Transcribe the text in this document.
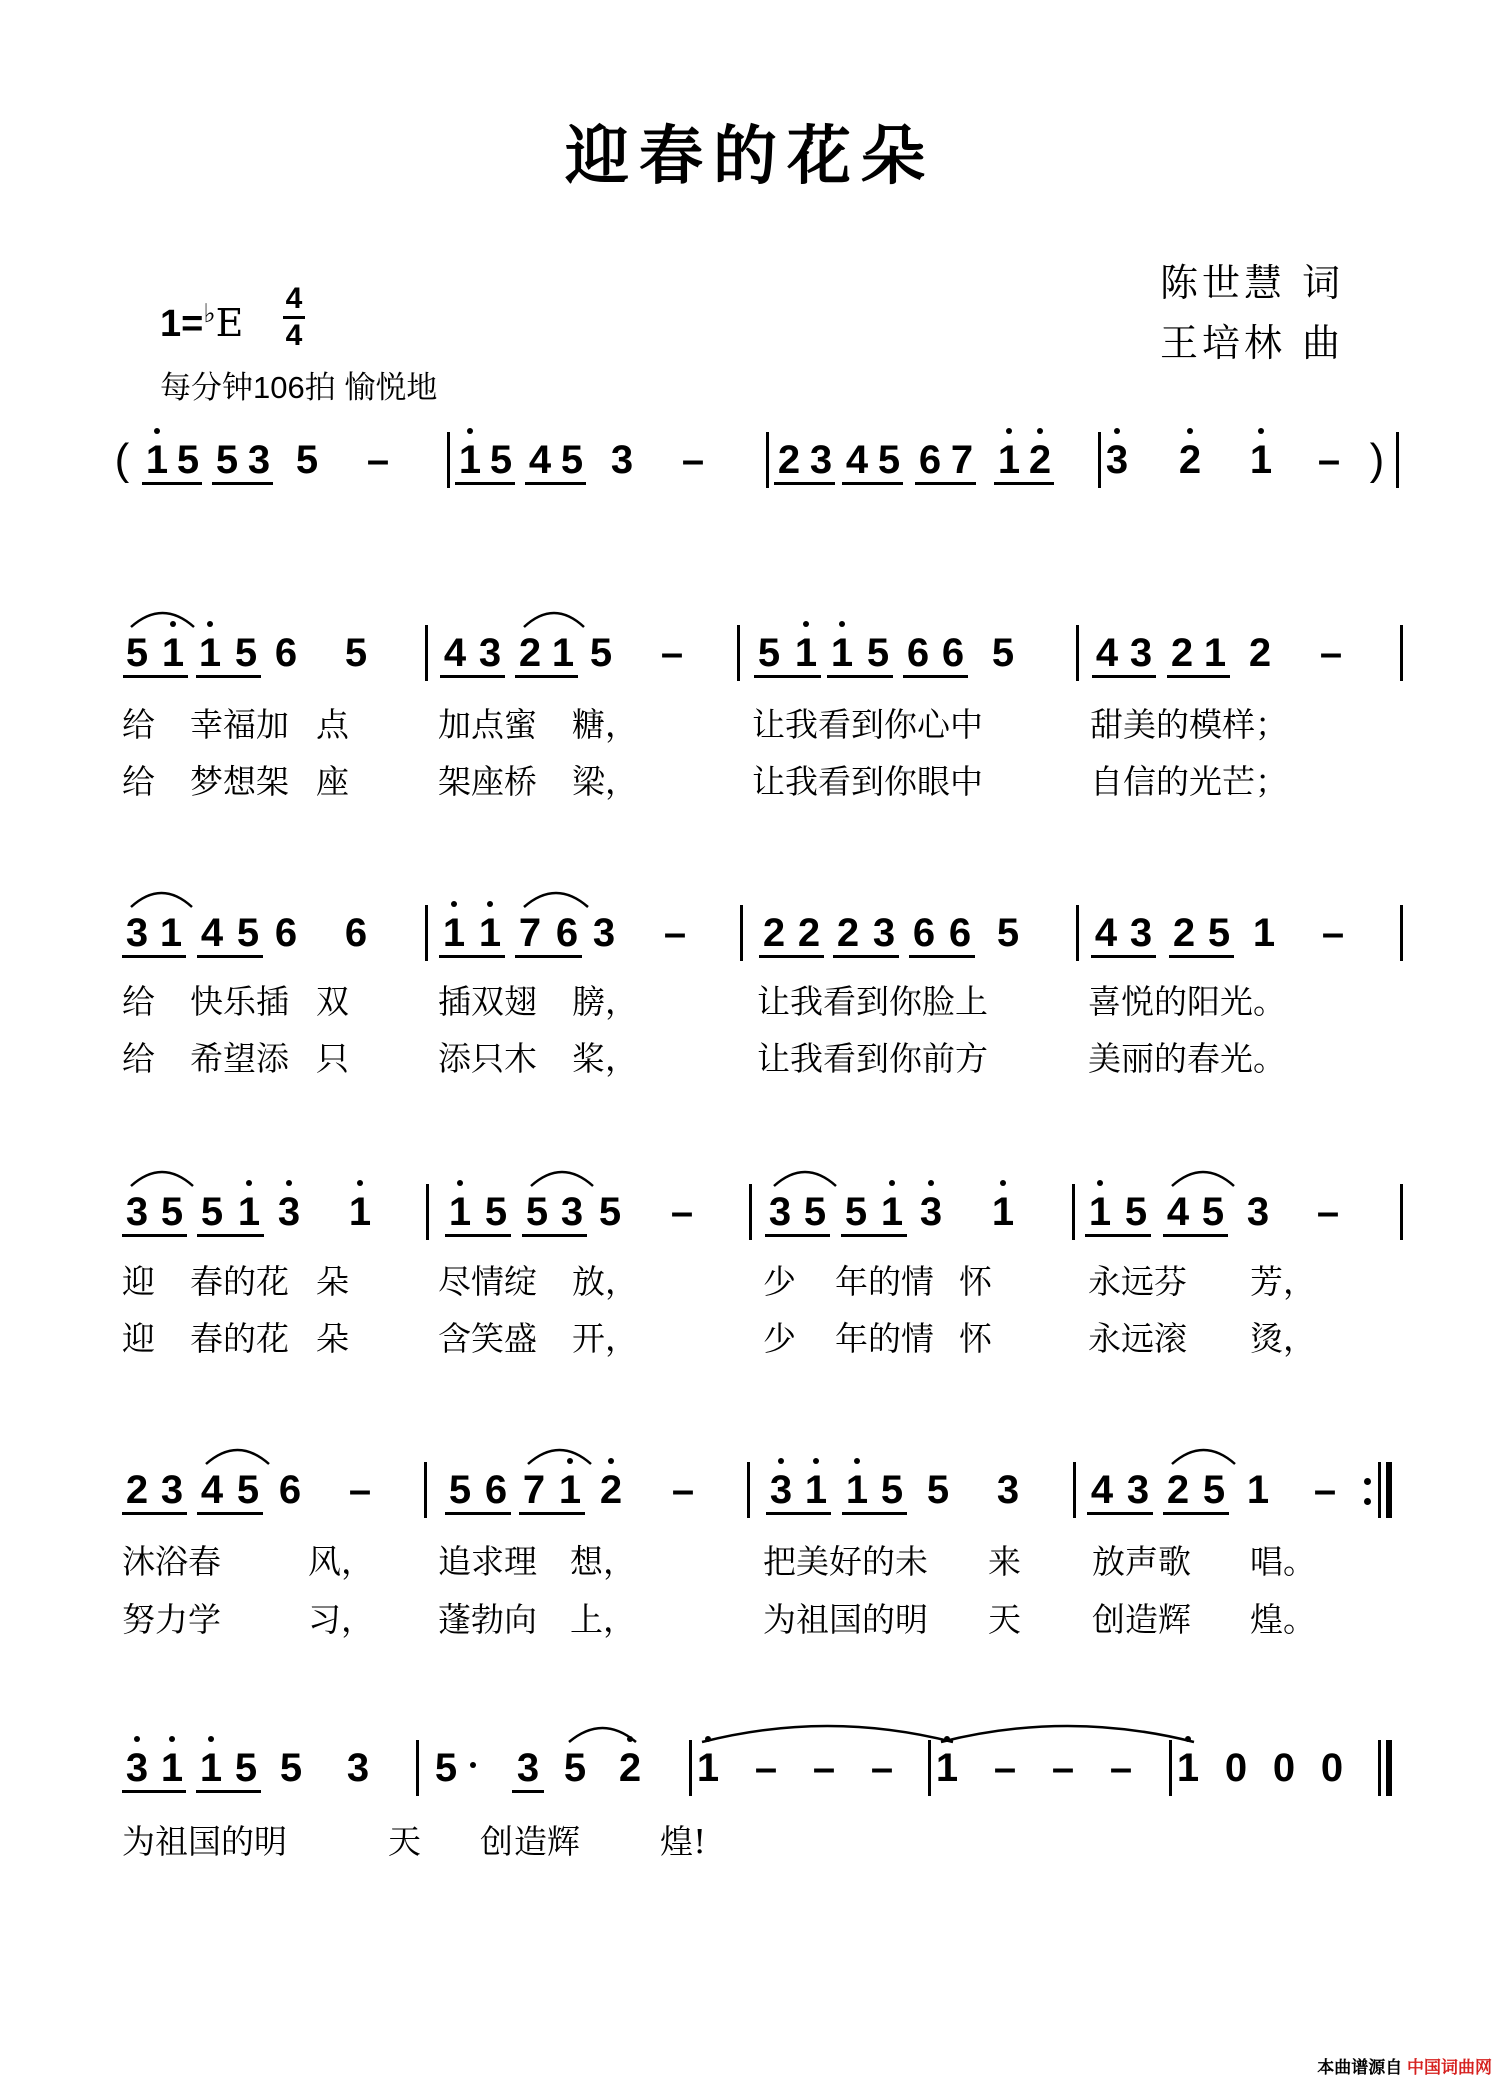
迎春的花朵
陈世慧 词
王培林 曲
1=♭E
4
4
每分钟106拍 愉悦地
( 1 5 5 3 5 – 1 5 4 5 3 – 2 3 4 5 6 7 1 2 3 2 1 – )
5 1 1 5 6 5 4 3 2 1 5 – 5 1 1 5 6 6 5 4 3 2 1 2 –
3 1 4 5 6 6 1 1 7 6 3 – 2 2 2 3 6 6 5 4 3 2 5 1 –
3 5 5 1 3 1 1 5 5 3 5 – 3 5 5 1 3 1 1 5 4 5 3 –
2 3 4 5 6 – 5 6 7 1 2 – 3 1 1 5 5 3 4 3 2 5 1 –
3 1 1 5 5 3 5 3 5 2 1 – – – 1 – – – 1 0 0 0
给 幸福加 点	加点蜜 糖，	让我看到你心中	甜美的模样；
给 梦想架 座	架座桥 梁，	让我看到你眼中	自信的光芒；
给 快乐插 双	插双翅 膀，	让我看到你脸上	喜悦的阳光。
给 希望添 只	添只木 桨，	让我看到你前方	美丽的春光。
迎 春的花 朵	尽情绽 放，	少 年的情 怀	永远芬 芳，
迎 春的花 朵	含笑盛 开，	少 年的情 怀	永远滚 烫，
沐浴春	风， 追求理 想，	把美好的未 来 放声歌 唱。
努力学	习， 蓬勃向 上，	为祖国的明 天 创造辉 煌。
为祖国的明	天 创 造辉 煌!
本曲谱源自 中国词曲网
